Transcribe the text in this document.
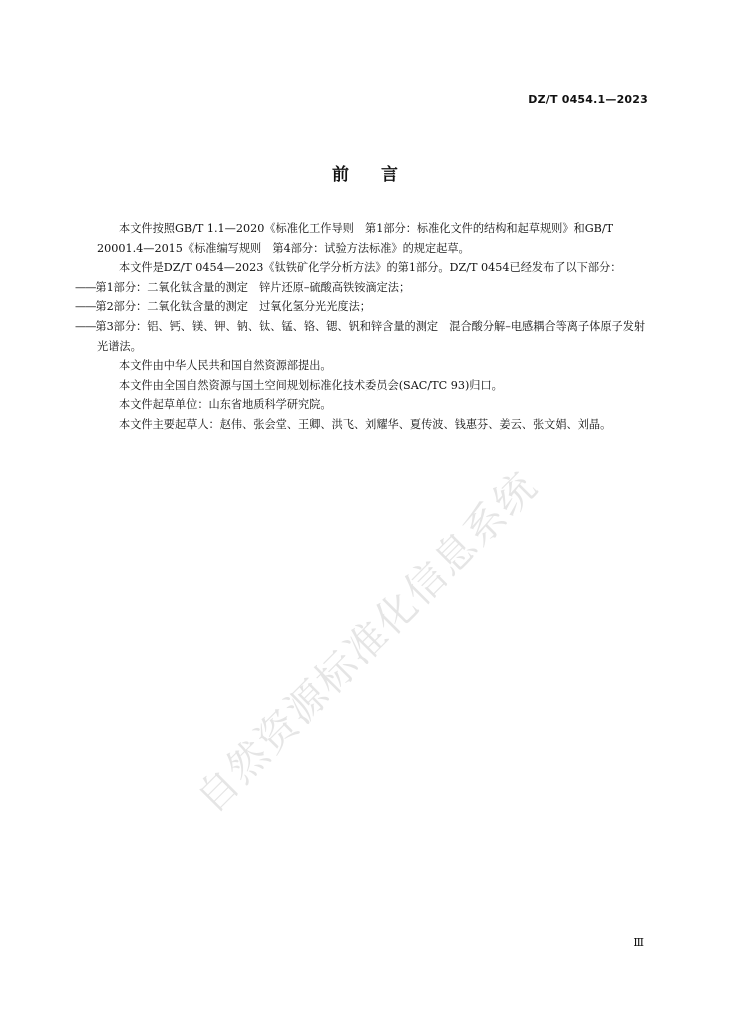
DZ/T 0454.1—2023
前言

本文件按照GB/T 1.1—2020《标准化工作导则　第1部分：标准化文件的结构和起草规则》和GB/T 20001.4—2015《标准编写规则　第4部分：试验方法标准》的规定起草。

本文件是DZ/T 0454—2023《钛铁矿化学分析方法》的第1部分。DZ/T 0454已经发布了以下部分：

——第1部分：二氧化钛含量的测定　锌片还原–硫酸高铁铵滴定法；

——第2部分：二氧化钛含量的测定　过氧化氢分光光度法；

——第3部分：铝、钙、镁、钾、钠、钛、锰、铬、锶、钒和锌含量的测定　混合酸分解–电感耦合等离子体原子发射光谱法。

本文件由中华人民共和国自然资源部提出。

本文件由全国自然资源与国土空间规划标准化技术委员会(SAC/TC 93)归口。

本文件起草单位：山东省地质科学研究院。

本文件主要起草人：赵伟、张会堂、王卿、洪飞、刘耀华、夏传波、钱惠芬、姜云、张文娟、刘晶。

自然资源标准化信息系统
Ⅲ
